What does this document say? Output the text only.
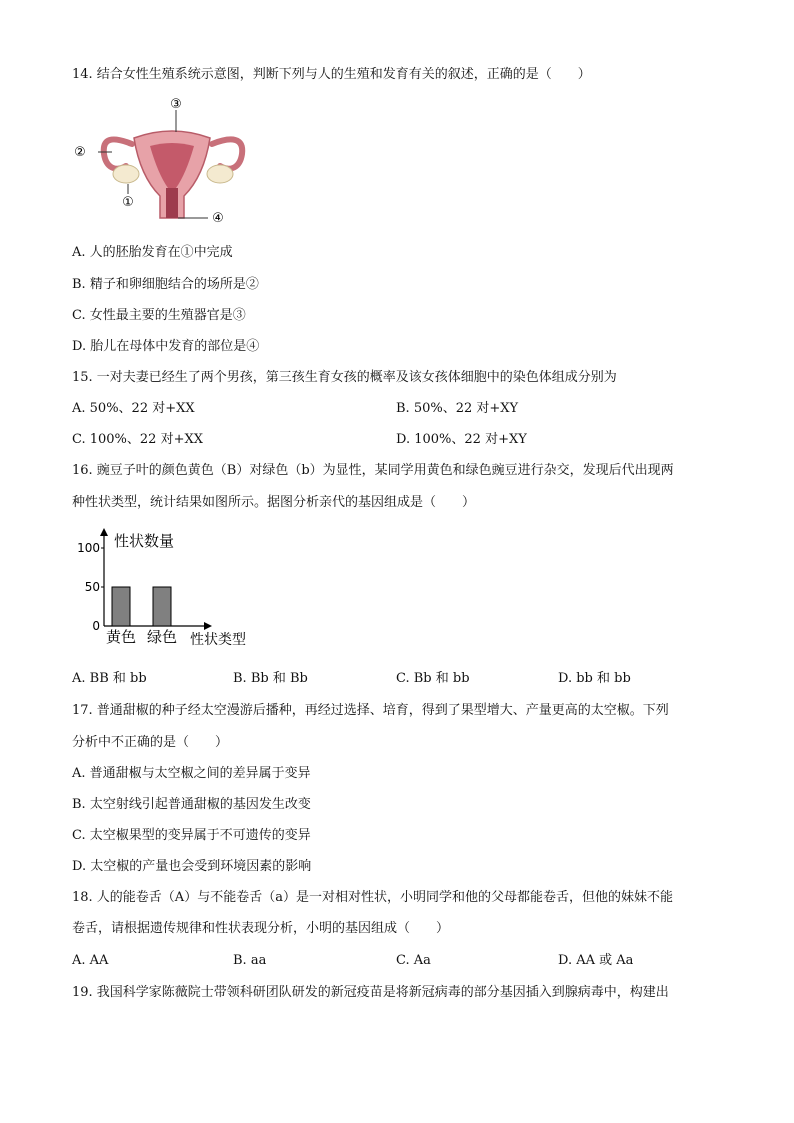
14. 结合女性生殖系统示意图，判断下列与人的生殖和发育有关的叙述，正确的是（　　）
①
②
③
④
A. 人的胚胎发育在①中完成
B. 精子和卵细胞结合的场所是②
C. 女性最主要的生殖器官是③
D. 胎儿在母体中发育的部位是④
15. 一对夫妻已经生了两个男孩，第三孩生育女孩的概率及该女孩体细胞中的染色体组成分别为
A. 50%、22 对+XX	B. 50%、22 对+XY
C. 100%、22 对+XX	D. 100%、22 对+XY
16. 豌豆子叶的颜色黄色（B）对绿色（b）为显性，某同学用黄色和绿色豌豆进行杂交，发现后代出现两
种性状类型，统计结果如图所示。据图分析亲代的基因组成是（　　）
性状数量
性状类型
0
50
100
黄色 绿色
A. BB 和 bb	B. Bb 和 Bb	C. Bb 和 bb	D. bb 和 bb
17. 普通甜椒的种子经太空漫游后播种，再经过选择、培育，得到了果型增大、产量更高的太空椒。下列
分析中不正确的是（　　）
A. 普通甜椒与太空椒之间的差异属于变异
B. 太空射线引起普通甜椒的基因发生改变
C. 太空椒果型的变异属于不可遗传的变异
D. 太空椒的产量也会受到环境因素的影响
18. 人的能卷舌（A）与不能卷舌（a）是一对相对性状，小明同学和他的父母都能卷舌，但他的妹妹不能
卷舌，请根据遗传规律和性状表现分析，小明的基因组成（　　）
A. AA	B. aa	C. Aa	D. AA 或 Aa
19. 我国科学家陈薇院士带领科研团队研发的新冠疫苗是将新冠病毒的部分基因插入到腺病毒中，构建出
